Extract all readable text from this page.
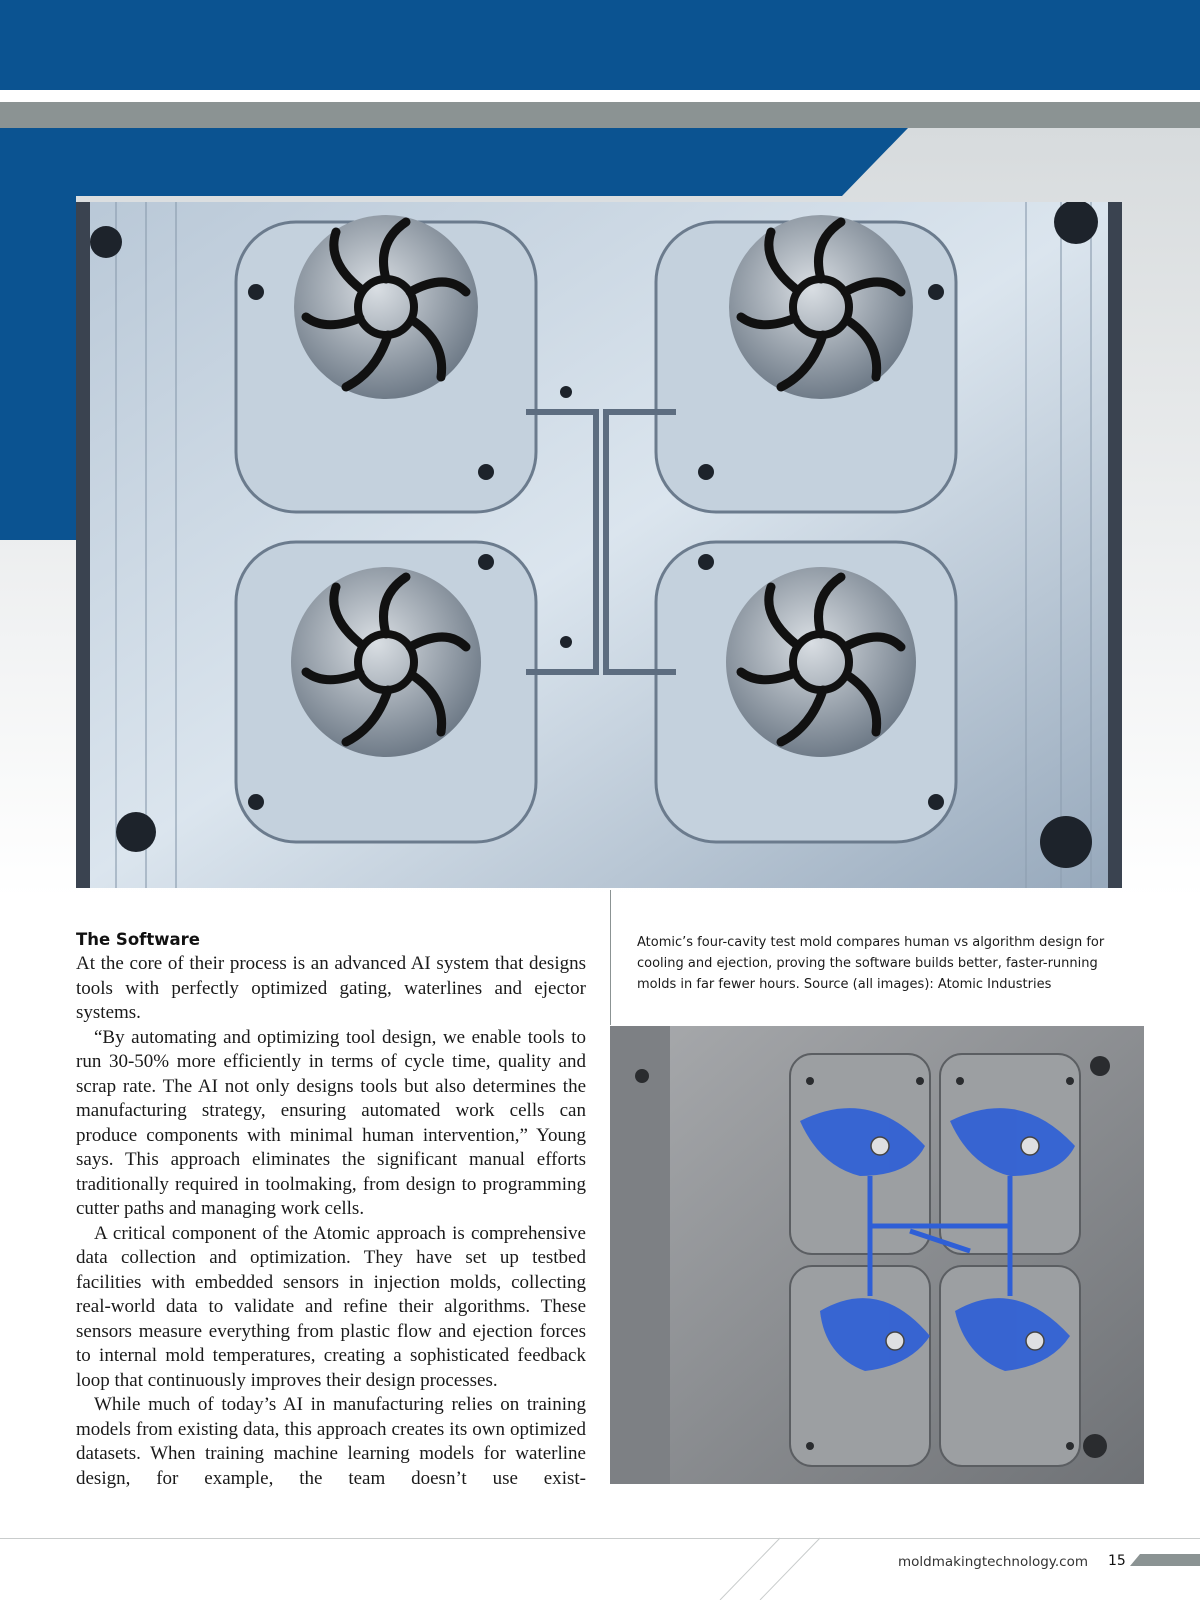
The Software

At the core of their process is an advanced AI system that designs tools with perfectly optimized gating, waterlines and ejector systems.

“By automating and optimizing tool design, we enable tools to run 30-50% more efficiently in terms of cycle time, quality and scrap rate. The AI not only designs tools but also determines the manufacturing strategy, ensuring automated work cells can produce components with minimal human intervention,” Young says. This approach eliminates the significant manual efforts traditionally required in toolmaking, from design to programming cutter paths and managing work cells.

A critical component of the Atomic approach is comprehensive data collection and optimization. They have set up testbed facilities with embedded sensors in injection molds, collecting real-world data to validate and refine their algorithms. These sensors measure everything from plastic flow and ejection forces to internal mold temperatures, creating a sophisticated feedback loop that continuously improves their design processes.

While much of today’s AI in manufacturing relies on training models from existing data, this approach creates its own optimized datasets. When training machine learning models for waterline design, for example, the team doesn’t use exist-

Atomic’s four-cavity test mold compares human vs algorithm design for cooling and ejection, proving the software builds better, faster-running molds in far fewer hours. Source (all images): Atomic Industries
moldmakingtechnology.com 15
